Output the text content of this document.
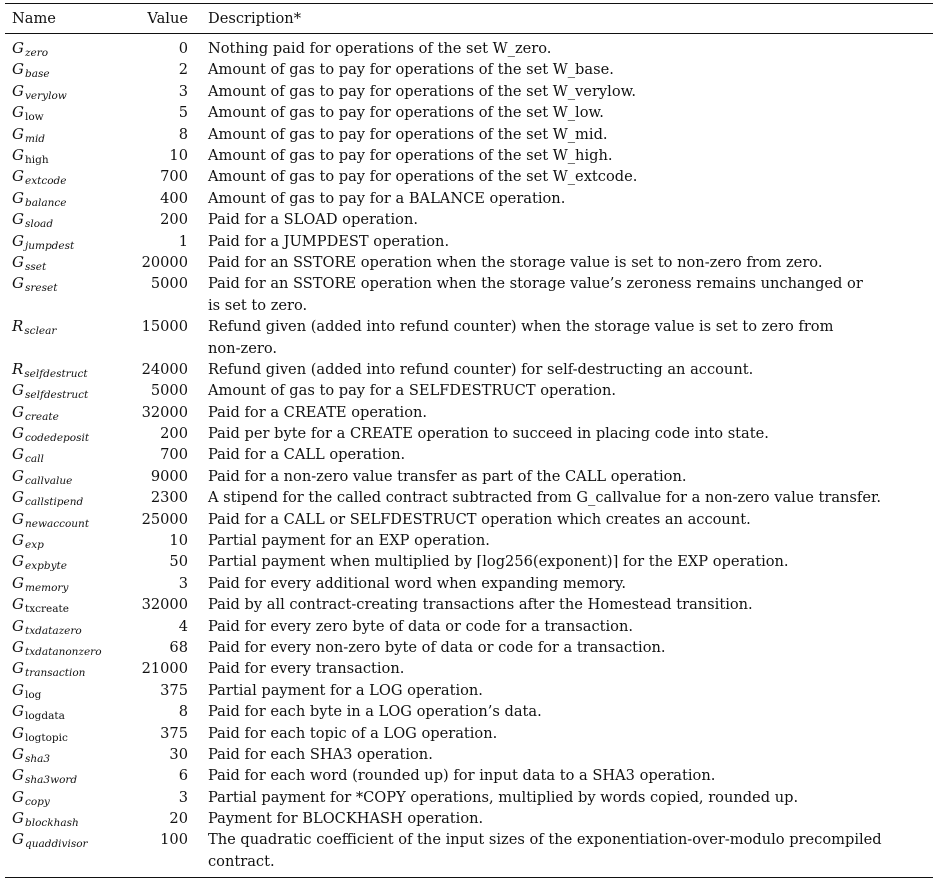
Name	Value Description*
$G_{zero}$	0 Nothing paid for operations of the set W_zero.
$G_{base}$	2 Amount of gas to pay for operations of the set W_base.
$G_{verylow}$	3 Amount of gas to pay for operations of the set W_verylow.
$G_{low}$	5 Amount of gas to pay for operations of the set W_low.
$G_{mid}$	8 Amount of gas to pay for operations of the set W_mid.
$G_{high}$	10 Amount of gas to pay for operations of the set W_high.
$G_{extcode}$	700 Amount of gas to pay for operations of the set W_extcode.
$G_{balance}$	400 Amount of gas to pay for a BALANCE operation.
$G_{sload}$	200 Paid for a SLOAD operation.
$G_{jumpdest}$	1 Paid for a JUMPDEST operation.
$G_{sset}$	20000 Paid for an SSTORE operation when the storage value is set to non-zero from zero.
$G_{sreset}$	5000 Paid for an SSTORE operation when the storage value’s zeroness remains unchanged or
is set to zero.
$R_{sclear}$	15000 Refund given (added into refund counter) when the storage value is set to zero from
non-zero.
$R_{selfdestruct}$	24000 Refund given (added into refund counter) for self-destructing an account.
$G_{selfdestruct}$	5000 Amount of gas to pay for a SELFDESTRUCT operation.
$G_{create}$	32000 Paid for a CREATE operation.
$G_{codedeposit}$	200 Paid per byte for a CREATE operation to succeed in placing code into state.
$G_{call}$	700 Paid for a CALL operation.
$G_{callvalue}$	9000 Paid for a non-zero value transfer as part of the CALL operation.
$G_{callstipend}$	2300 A stipend for the called contract subtracted from G_callvalue for a non-zero value transfer.
$G_{newaccount}$	25000 Paid for a CALL or SELFDESTRUCT operation which creates an account.
$G_{exp}$	10 Partial payment for an EXP operation.
$G_{expbyte}$	50 Partial payment when multiplied by ⌈log256(exponent)⌉ for the EXP operation.
$G_{memory}$	3 Paid for every additional word when expanding memory.
$G_{txcreate}$	32000 Paid by all contract-creating transactions after the Homestead transition.
$G_{txdatazero}$	4 Paid for every zero byte of data or code for a transaction.
$G_{txdatanonzero}$	68 Paid for every non-zero byte of data or code for a transaction.
$G_{transaction}$	21000 Paid for every transaction.
$G_{log}$	375 Partial payment for a LOG operation.
$G_{logdata}$	8 Paid for each byte in a LOG operation’s data.
$G_{logtopic}$	375 Paid for each topic of a LOG operation.
$G_{sha3}$	30 Paid for each SHA3 operation.
$G_{sha3word}$	6 Paid for each word (rounded up) for input data to a SHA3 operation.
$G_{copy}$	3 Partial payment for *COPY operations, multiplied by words copied, rounded up.
$G_{blockhash}$	20 Payment for BLOCKHASH operation.
$G_{quaddivisor}$	100 The quadratic coefficient of the input sizes of the exponentiation-over-modulo precompiled
contract.
